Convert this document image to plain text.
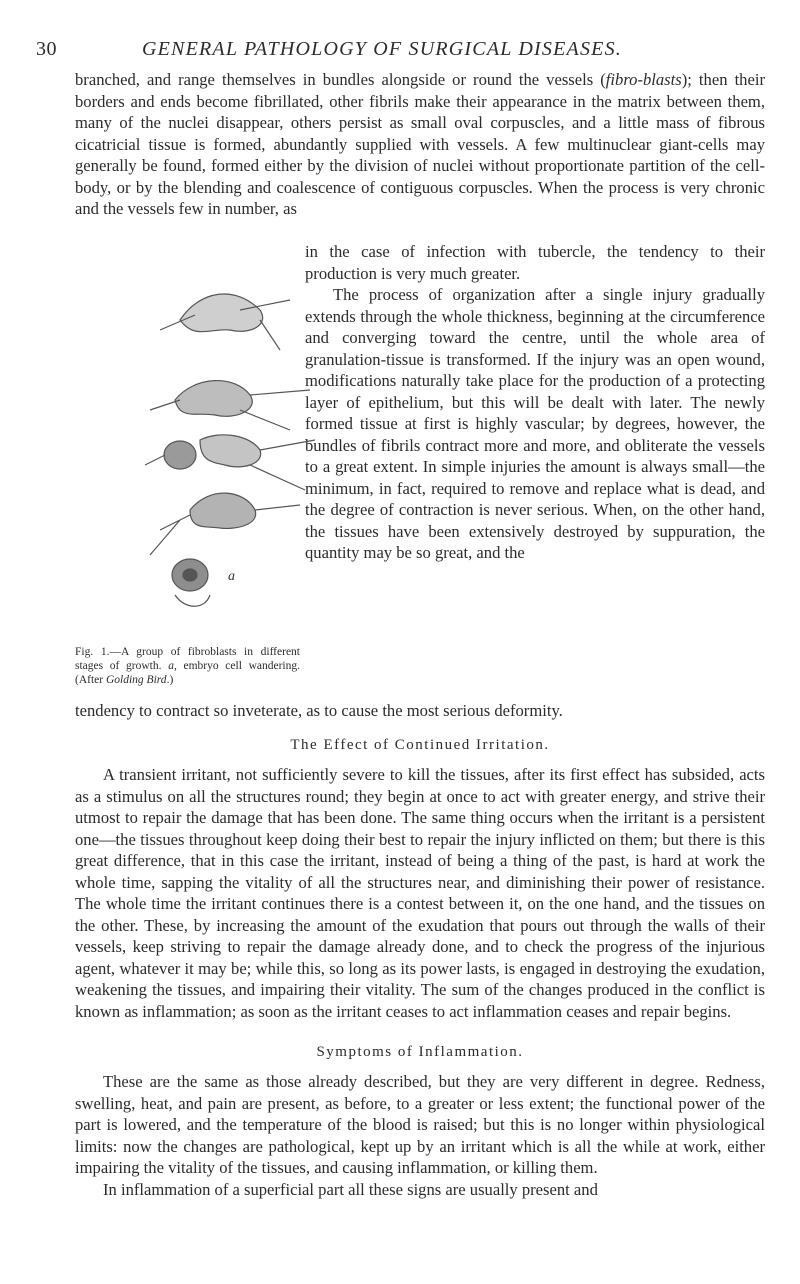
30	GENERAL PATHOLOGY OF SURGICAL DISEASES.

branched, and range themselves in bundles alongside or round the vessels (fibro-blasts); then their borders and ends become fibrillated, other fibrils make their appearance in the matrix between them, many of the nuclei disappear, others persist as small oval corpuscles, and a little mass of fibrous cicatricial tissue is formed, abundantly supplied with vessels. A few multinuclear giant-cells may generally be found, formed either by the division of nuclei without proportionate partition of the cell-body, or by the blending and coalescence of contiguous corpuscles. When the process is very chronic and the vessels few in number, as

in the case of infection with tubercle, the tendency to their production is very much greater.

The process of organization after a single injury gradually extends through the whole thickness, beginning at the circumference and converging toward the centre, until the whole area of granulation-tissue is transformed. If the injury was an open wound, modifications naturally take place for the production of a protecting layer of epithelium, but this will be dealt with later. The newly formed tissue at first is highly vascular; by degrees, however, the bundles of fibrils contract more and more, and obliterate the vessels to a great extent. In simple injuries the amount is always small—the minimum, in fact, required to remove and replace what is dead, and the degree of contraction is never serious. When, on the other hand, the tissues have been extensively destroyed by suppuration, the quantity may be so great, and the

tendency to contract so inveterate, as to cause the most serious deformity.

a
Fig. 1.—A group of fibroblasts in different stages of growth. a, embryo cell wandering. (After Golding Bird.)
The Effect of Continued Irritation.

A transient irritant, not sufficiently severe to kill the tissues, after its first effect has subsided, acts as a stimulus on all the structures round; they begin at once to act with greater energy, and strive their utmost to repair the damage that has been done. The same thing occurs when the irritant is a persistent one—the tissues throughout keep doing their best to repair the injury inflicted on them; but there is this great difference, that in this case the irritant, instead of being a thing of the past, is hard at work the whole time, sapping the vitality of all the structures near, and diminishing their power of resistance. The whole time the irritant continues there is a contest between it, on the one hand, and the tissues on the other. These, by increasing the amount of the exudation that pours out through the walls of their vessels, keep striving to repair the damage already done, and to check the progress of the injurious agent, whatever it may be; while this, so long as its power lasts, is engaged in destroying the exudation, weakening the tissues, and impairing their vitality. The sum of the changes produced in the conflict is known as inflammation; as soon as the irritant ceases to act inflammation ceases and repair begins.

Symptoms of Inflammation.

These are the same as those already described, but they are very different in degree. Redness, swelling, heat, and pain are present, as before, to a greater or less extent; the functional power of the part is lowered, and the temperature of the blood is raised; but this is no longer within physiological limits: now the changes are pathological, kept up by an irritant which is all the while at work, either impairing the vitality of the tissues, and causing inflammation, or killing them.

In inflammation of a superficial part all these signs are usually present and
